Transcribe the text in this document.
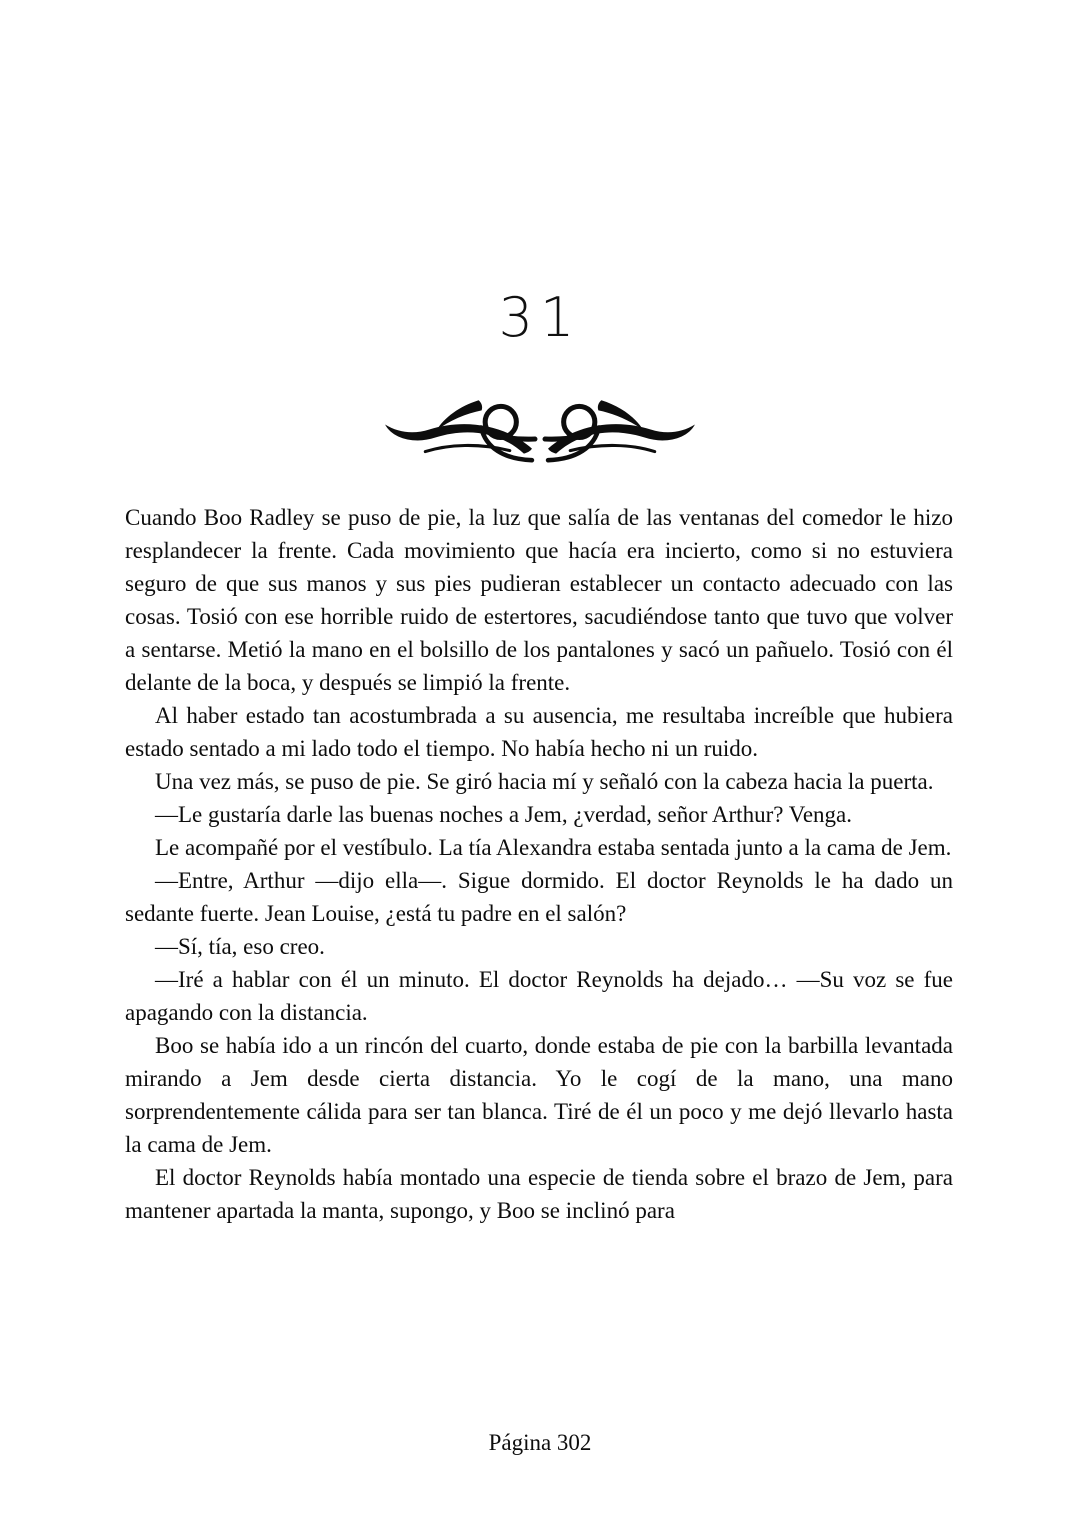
31

Cuando Boo Radley se puso de pie, la luz que salía de las ventanas del comedor le hizo resplandecer la frente. Cada movimiento que hacía era incierto, como si no estuviera seguro de que sus manos y sus pies pudieran establecer un contacto adecuado con las cosas. Tosió con ese horrible ruido de estertores, sacudiéndose tanto que tuvo que volver a sentarse. Metió la mano en el bolsillo de los pantalones y sacó un pañuelo. Tosió con él delante de la boca, y después se limpió la frente.

Al haber estado tan acostumbrada a su ausencia, me resultaba increíble que hubiera estado sentado a mi lado todo el tiempo. No había hecho ni un ruido.

Una vez más, se puso de pie. Se giró hacia mí y señaló con la cabeza hacia la puerta.

—Le gustaría darle las buenas noches a Jem, ¿verdad, señor Arthur? Venga.

Le acompañé por el vestíbulo. La tía Alexandra estaba sentada junto a la cama de Jem.

—Entre, Arthur —dijo ella—. Sigue dormido. El doctor Reynolds le ha dado un sedante fuerte. Jean Louise, ¿está tu padre en el salón?

—Sí, tía, eso creo.

—Iré a hablar con él un minuto. El doctor Reynolds ha dejado… —Su voz se fue apagando con la distancia.

Boo se había ido a un rincón del cuarto, donde estaba de pie con la barbilla levantada mirando a Jem desde cierta distancia. Yo le cogí de la mano, una mano sorprendentemente cálida para ser tan blanca. Tiré de él un poco y me dejó llevarlo hasta la cama de Jem.

El doctor Reynolds había montado una especie de tienda sobre el brazo de Jem, para mantener apartada la manta, supongo, y Boo se inclinó para

Página 302
